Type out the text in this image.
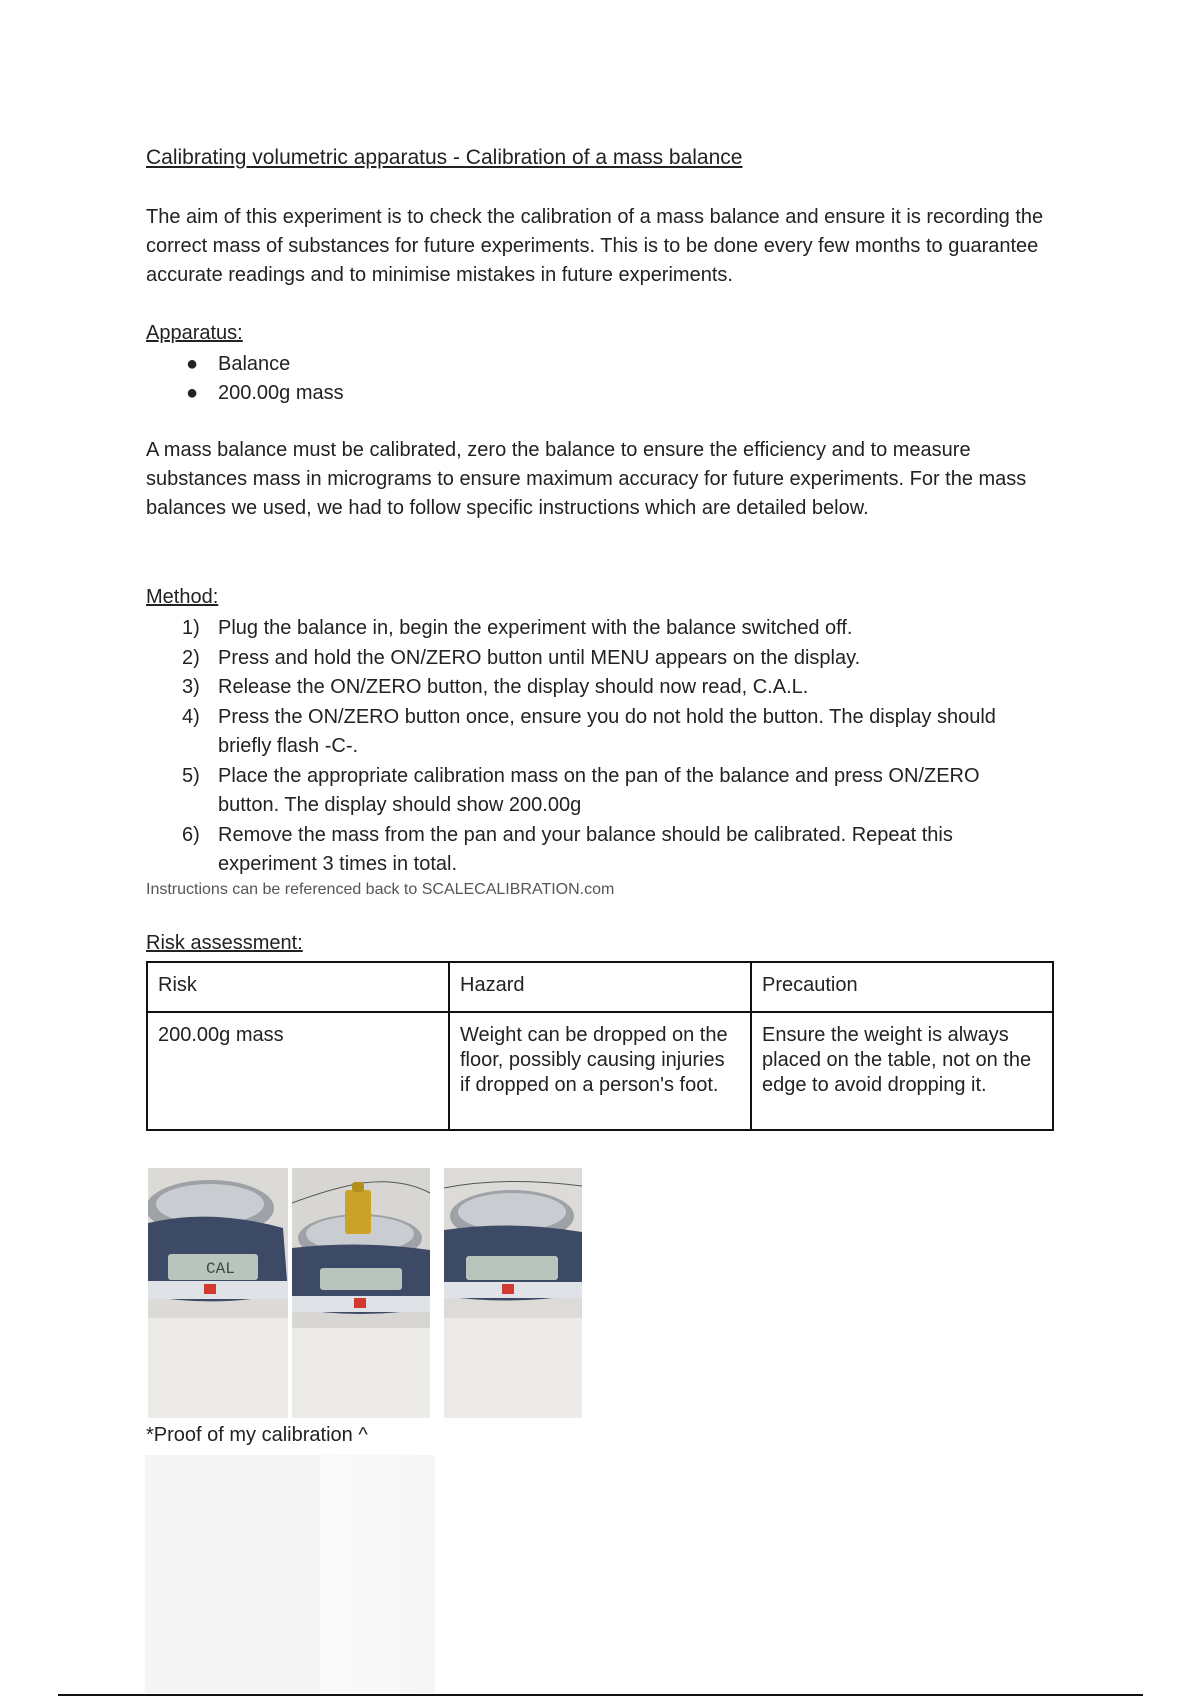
Calibrating volumetric apparatus - Calibration of a mass balance

The aim of this experiment is to check the calibration of a mass balance and ensure it is recording the correct mass of substances for future experiments. This is to be done every few months to guarantee accurate readings and to minimise mistakes in future experiments.

Apparatus:
● Balance
● 200.00g mass

A mass balance must be calibrated, zero the balance to ensure the efficiency and to measure substances mass in micrograms to ensure maximum accuracy for future experiments. For the mass balances we used, we had to follow specific instructions which are detailed below.

Method:
1) Plug the balance in, begin the experiment with the balance switched off.
2) Press and hold the ON/ZERO button until MENU appears on the display.
3) Release the ON/ZERO button, the display should now read, C.A.L.
4) Press the ON/ZERO button once, ensure you do not hold the button. The display should briefly flash -C-.
5) Place the appropriate calibration mass on the pan of the balance and press ON/ZERO button. The display should show 200.00g
6) Remove the mass from the pan and your balance should be calibrated. Repeat this experiment 3 times in total.
Instructions can be referenced back to SCALECALIBRATION.com
Risk assessment:
Risk	Hazard	Precaution
200.00g mass	Weight can be dropped on the floor, possibly causing injuries if dropped on a person's foot.	Ensure the weight is always placed on the table, not on the edge to avoid dropping it.
CAL
*Proof of my calibration ^
